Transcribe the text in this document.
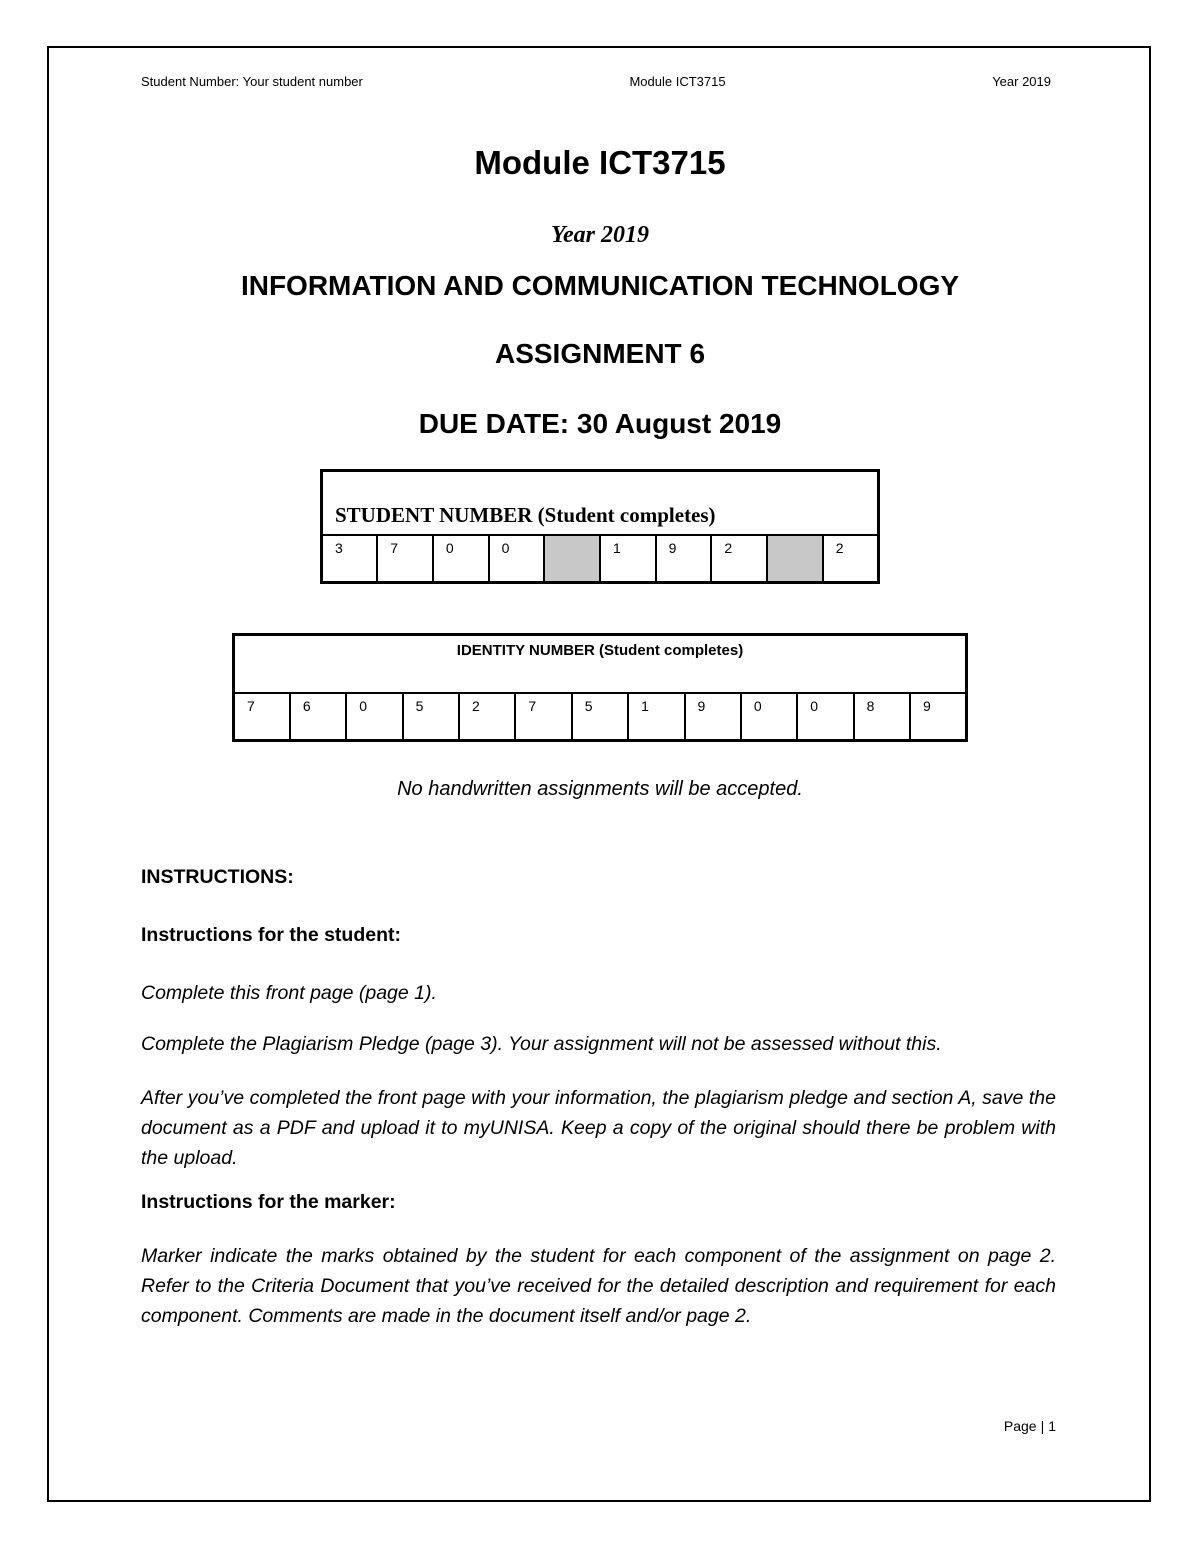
Student Number: Your student number	Module ICT3715	Year 2019
Module ICT3715
Year 2019
INFORMATION AND COMMUNICATION TECHNOLOGY
ASSIGNMENT 6
DUE DATE: 30 August 2019
STUDENT NUMBER (Student completes)
3	7	0	0		1	9	2		2
IDENTITY NUMBER (Student completes)
7	6	0	5	2	7	5	1	9	0	0	8	9
No handwritten assignments will be accepted.
INSTRUCTIONS:
Instructions for the student:
Complete this front page (page 1).
Complete the Plagiarism Pledge (page 3). Your assignment will not be assessed without this.
After you’ve completed the front page with your information, the plagiarism pledge and section A, save the document as a PDF and upload it to myUNISA. Keep a copy of the original should there be problem with the upload.
Instructions for the marker:
Marker indicate the marks obtained by the student for each component of the assignment on page 2. Refer to the Criteria Document that you’ve received for the detailed description and requirement for each component. Comments are made in the document itself and/or page 2.
Page | 1
